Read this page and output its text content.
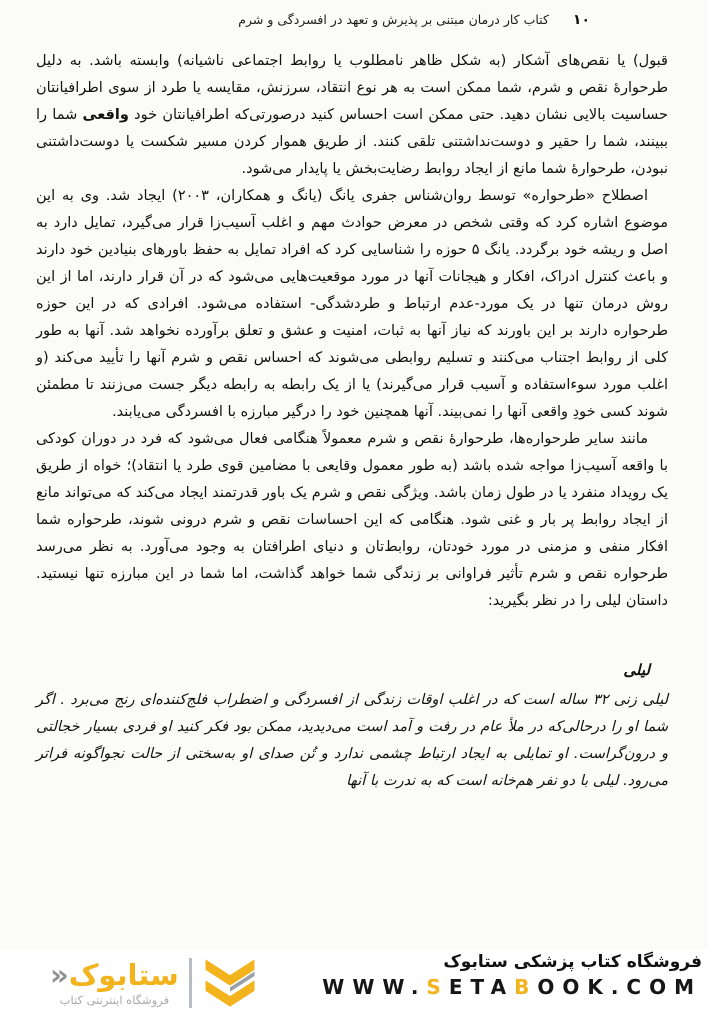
۱۰
کتاب کار درمان مبتنی بر پذیرش و تعهد در افسردگی و شرم

قبول) یا نقص‌های آشکار (به شکل ظاهر نامطلوب یا روابط اجتماعی ناشیانه) وابسته باشد. به دلیل طرحوارهٔ نقص و شرم، شما ممکن است به هر نوع انتقاد، سرزنش، مقایسه یا طرد از سوی اطرافیانتان حساسیت بالایی نشان دهید. حتی ممکن است احساس کنید درصورتی‌که اطرافیانتان خود واقعی شما را ببینند، شما را حقیر و دوست‌نداشتنی تلقی کنند. از طریق هموار کردن مسیر شکست یا دوست‌داشتنی نبودن، طرحوارهٔ شما مانع از ایجاد روابط رضایت‌بخش یا پایدار می‌شود.

اصطلاح «طرحواره» توسط روان‌شناس جفری یانگ (یانگ و همکاران، ۲۰۰۳) ایجاد شد. وی به این موضوع اشاره کرد که وقتی شخص در معرض حوادث مهم و اغلب آسیب‌زا قرار می‌گیرد، تمایل دارد به اصل و ریشه خود برگردد. یانگ ۵ حوزه را شناسایی کرد که افراد تمایل به حفظ باورهای بنیادین خود دارند و باعث کنترل ادراک، افکار و هیجانات آنها در مورد موقعیت‌هایی می‌شود که در آن قرار دارند، اما از این روش درمان تنها در یک مورد-عدم ارتباط و طردشدگی- استفاده می‌شود. افرادی که در این حوزه طرحواره دارند بر این باورند که نیاز آنها به ثبات، امنیت و عشق و تعلق برآورده نخواهد شد. آنها به طور کلی از روابط اجتناب می‌کنند و تسلیم روابطی می‌شوند که احساس نقص و شرم آنها را تأیید می‌کند (و اغلب مورد سوءاستفاده و آسیب قرار می‌گیرند) یا از یک رابطه به رابطه دیگر جست می‌زنند تا مطمئن شوند کسی خودِ واقعی آنها را نمی‌بیند. آنها همچنین خود را درگیر مبارزه با افسردگی می‌یابند.

مانند سایر طرحواره‌ها، طرحوارهٔ نقص و شرم معمولاً هنگامی فعال می‌شود که فرد در دوران کودکی با واقعه آسیب‌زا مواجه شده باشد (به طور معمول وقایعی با مضامین قوی طرد یا انتقاد)؛ خواه از طریق یک رویداد منفرد یا در طول زمان باشد. ویژگی نقص و شرم یک باور قدرتمند ایجاد می‌کند که می‌تواند مانع از ایجاد روابط پر بار و غنی شود. هنگامی که این احساسات نقص و شرم درونی شوند، طرحواره شما افکار منفی و مزمنی در مورد خودتان، روابط‌تان و دنیای اطرافتان به وجود می‌آورد. به نظر می‌رسد طرحواره نقص و شرم تأثیر فراوانی بر زندگی شما خواهد گذاشت، اما شما در این مبارزه تنها نیستید. داستان لیلی را در نظر بگیرید:

لیلی

لیلی زنی ۳۲ ساله است که در اغلب اوقات زندگی از افسردگی و اضطراب فلج‌کننده‌ای رنج می‌برد . اگر شما او را درحالی‌که در ملأ عام در رفت و آمد است می‌دیدید، ممکن بود فکر کنید او فردی بسیار خجالتی و درون‌گراست. او تمایلی به ایجاد ارتباط چشمی ندارد و تُن صدای او به‌سختی از حالت نجواگونه فراتر می‌رود. لیلی با دو نفر هم‌خانه است که به ندرت با آنها

ستابوک«
فروشگاه اینترنتی کتاب
فروشگاه کتاب پزشکی ستابوک
WWW.SETABOOK.COM
